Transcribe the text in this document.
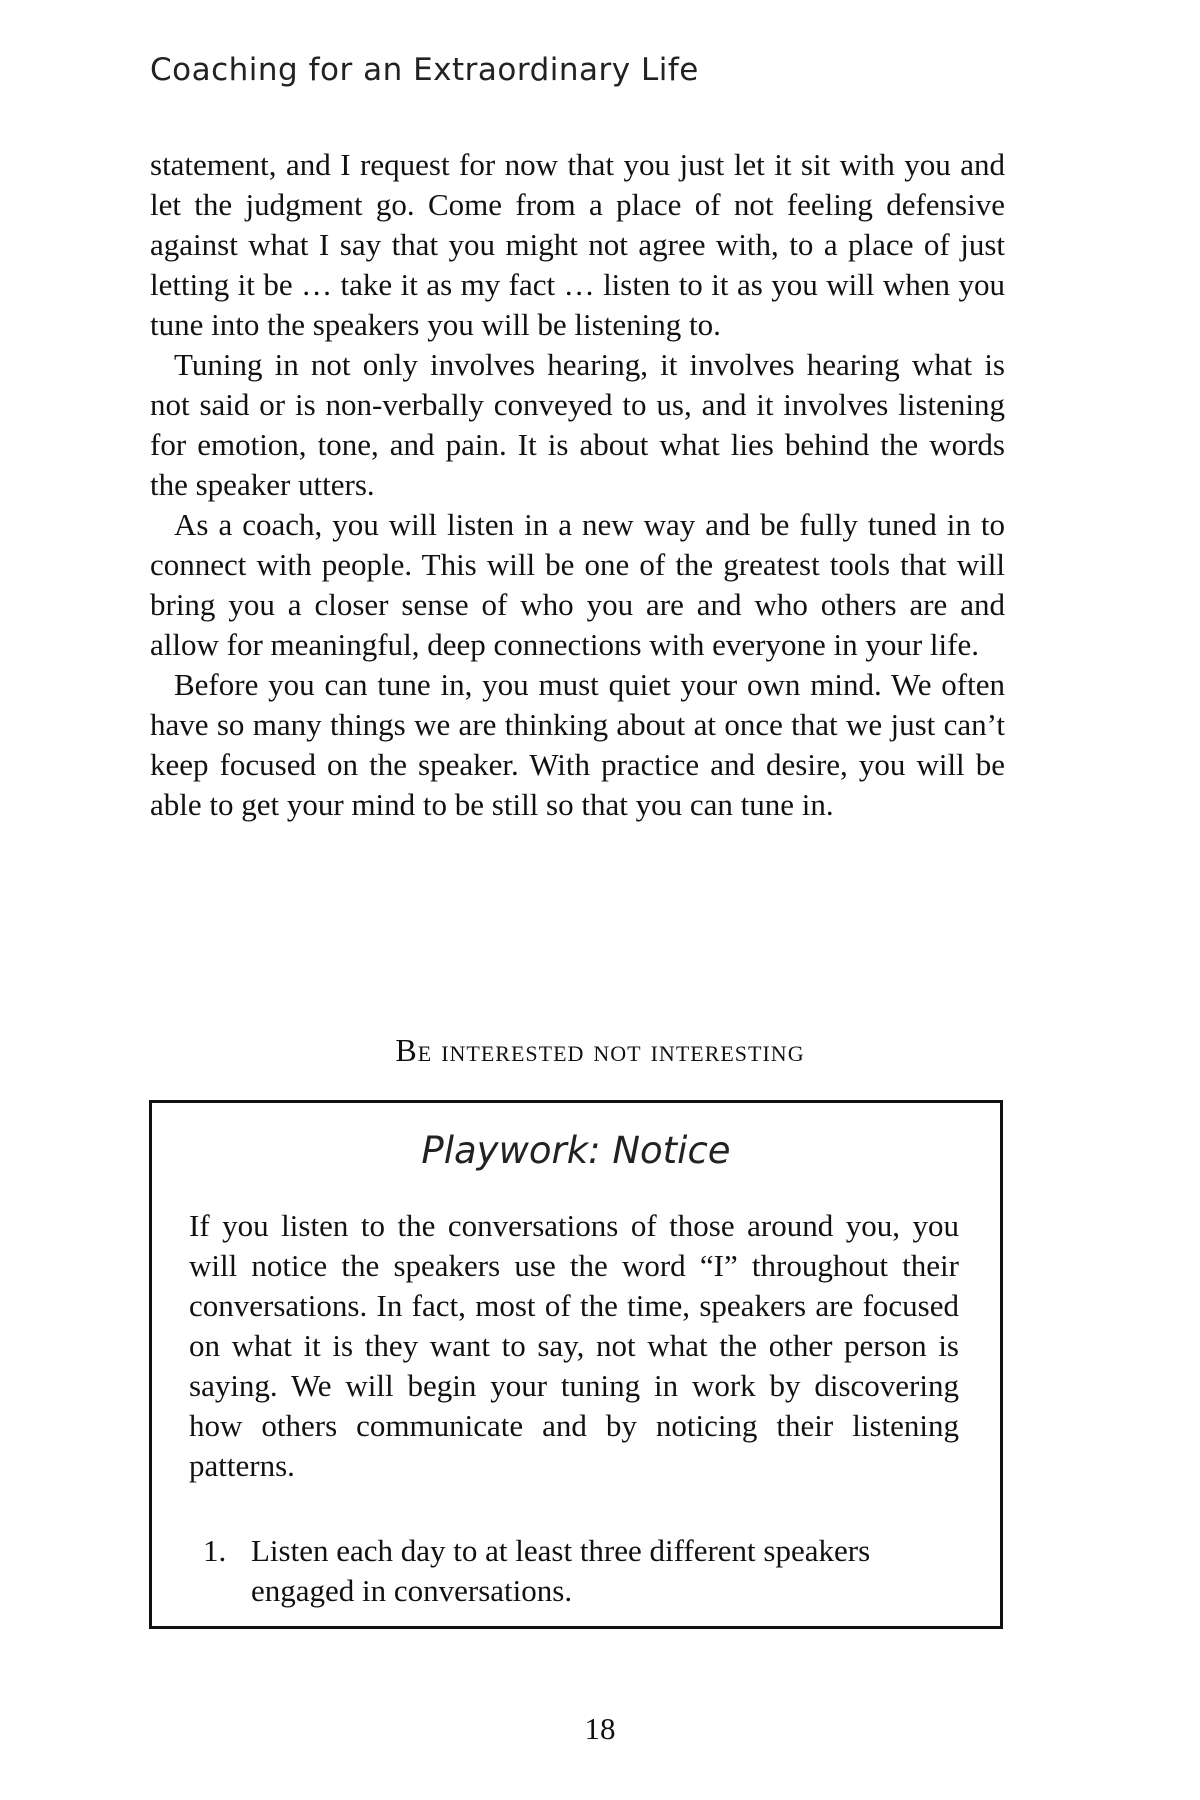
Coaching for an Extraordinary Life

statement, and I request for now that you just let it sit with you and let the judgment go. Come from a place of not feeling defensive against what I say that you might not agree with, to a place of just letting it be … take it as my fact … listen to it as you will when you tune into the speakers you will be listening to.

Tuning in not only involves hearing, it involves hearing what is not said or is non-verbally conveyed to us, and it involves listening for emotion, tone, and pain. It is about what lies behind the words the speaker utters.

As a coach, you will listen in a new way and be fully tuned in to connect with people. This will be one of the greatest tools that will bring you a closer sense of who you are and who others are and allow for meaningful, deep connections with everyone in your life.

Before you can tune in, you must quiet your own mind. We often have so many things we are thinking about at once that we just can’t keep focused on the speaker. With practice and desire, you will be able to get your mind to be still so that you can tune in.

Be interested not interesting
Playwork: Notice

If you listen to the conversations of those around you, you will notice the speakers use the word “I” throughout their conversations. In fact, most of the time, speakers are focused on what it is they want to say, not what the other person is saying. We will begin your tuning in work by discovering how others communicate and by noticing their listening patterns.

1. Listen each day to at least three different speakers engaged in conversations.
18
